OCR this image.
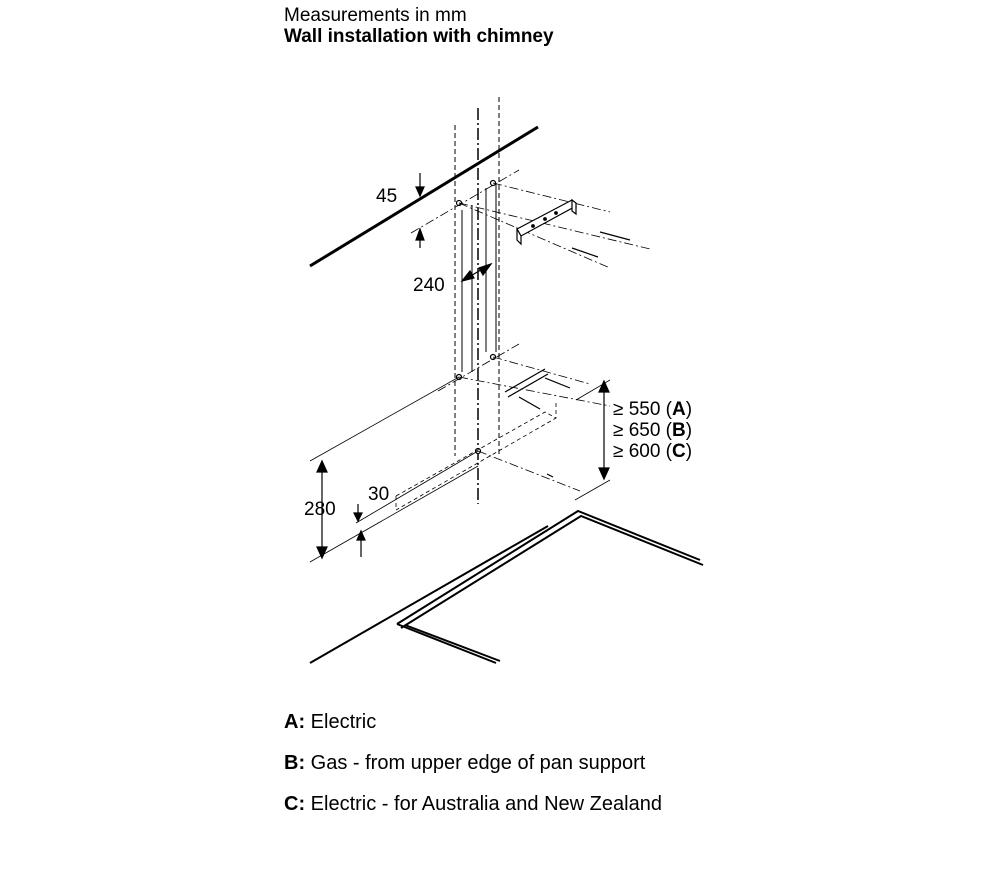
Measurements in mm
Wall installation with chimney
45
240
280
30
≥ 550 (A)
≥ 650 (B)
≥ 600 (C)
A: Electric
B: Gas - from upper edge of pan support
C: Electric - for Australia and New Zealand
